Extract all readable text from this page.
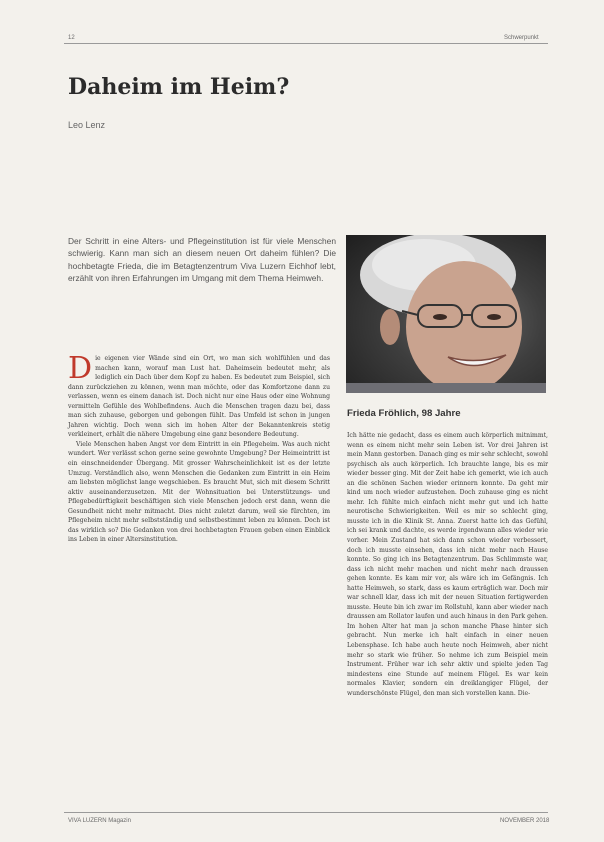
12	Schwerpunkt
Daheim im Heim?
Leo Lenz
Der Schritt in eine Alters- und Pflegeinstitution ist für viele Menschen schwierig. Kann man sich an diesem neuen Ort daheim fühlen? Die hochbetagte Frieda, die im Betagtenzentrum Viva Luzern Eichhof lebt, erzählt von ihren Erfahrungen im Umgang mit dem Thema Heimweh.
Frieda Fröhlich, 98 Jahre

Die eigenen vier Wände sind ein Ort, wo man sich wohlfühlen und das machen kann, worauf man Lust hat. Daheimsein bedeutet mehr, als lediglich ein Dach über dem Kopf zu haben. Es bedeutet zum Beispiel, sich dann zurückziehen zu können, wenn man möchte, oder das Komfortzone dann zu verlassen, wenn es einem danach ist. Doch nicht nur eine Haus oder eine Wohnung vermitteln Gefühle des Wohlbefindens. Auch die Menschen tragen dazu bei, dass man sich zuhause, geborgen und gebongen fühlt. Das Umfeld ist schon in jungen Jahren wichtig. Doch wenn sich im hohen Alter der Bekanntenkreis stetig verkleinert, erhält die nähere Umgebung eine ganz besondere Bedeutung.

Viele Menschen haben Angst vor dem Eintritt in ein Pflegeheim. Was auch nicht wundert. Wer verlässt schon gerne seine gewohnte Umgebung? Der Heimeintritt ist ein einschneidender Übergang. Mit grosser Wahrscheinlichkeit ist es der letzte Umzug. Verständlich also, wenn Menschen die Gedanken zum Eintritt in ein Heim am liebsten möglichst lange wegschieben. Es braucht Mut, sich mit diesem Schritt aktiv auseinanderzusetzen. Mit der Wohnsituation bei Unterstützungs- und Pflegebedürftigkeit beschäftigen sich viele Menschen jedoch erst dann, wenn die Gesundheit nicht mehr mitmacht. Dies nicht zuletzt darum, weil sie fürchten, im Pflegeheim nicht mehr selbstständig und selbstbestimmt leben zu können. Doch ist das wirklich so? Die Gedanken von drei hochbetagten Frauen geben einen Einblick ins Leben in einer Altersinstitution.

Ich hätte nie gedacht, dass es einem auch körperlich mitnimmt, wenn es einem nicht mehr sein Leben ist. Vor drei Jahren ist mein Mann gestorben. Danach ging es mir sehr schlecht, sowohl psychisch als auch körperlich. Ich brauchte lange, bis es mir wieder besser ging. Mit der Zeit habe ich gemerkt, wie ich auch an die schönen Sachen wieder erinnern konnte. Da geht mir kind um noch wieder aufzustehen. Doch zuhause ging es nicht mehr. Ich fühlte mich einfach nicht mehr gut und ich hatte neurotische Schwierigkeiten. Weil es mir so schlecht ging, musste ich in die Klinik St. Anna. Zuerst hatte ich das Gefühl, ich sei krank und dachte, es werde irgendwann alles wieder wie vorher. Mein Zustand hat sich dann schon wieder verbessert, doch ich musste einsehen, dass ich nicht mehr nach Hause konnte. So ging ich ins Betagtenzentrum. Das Schlimmste war, dass ich nicht mehr machen und nicht mehr nach draussen gehen konnte. Es kam mir vor, als wäre ich im Gefängnis. Ich hatte Heimweh, so stark, dass es kaum erträglich war. Doch mir war schnell klar, dass ich mit der neuen Situation fertigwerden musste. Heute bin ich zwar im Rollstuhl, kann aber wieder nach draussen am Rollator laufen und auch hinaus in den Park gehen. Im hohen Alter hat man ja schon manche Phase hinter sich gebracht. Nun merke ich halt einfach in einer neuen Lebensphase. Ich habe auch heute noch Heimweh, aber nicht mehr so stark wie früher. So nehme ich zum Beispiel mein Instrument. Früher war ich sehr aktiv und spielte jeden Tag mindestens eine Stunde auf meinem Flügel. Es war kein normales Klavier, sondern ein dreiklangiger Flügel, der wunderschönste Flügel, den man sich vorstellen kann. Die-

VIVA LUZERN Magazin	NOVEMBER 2018
